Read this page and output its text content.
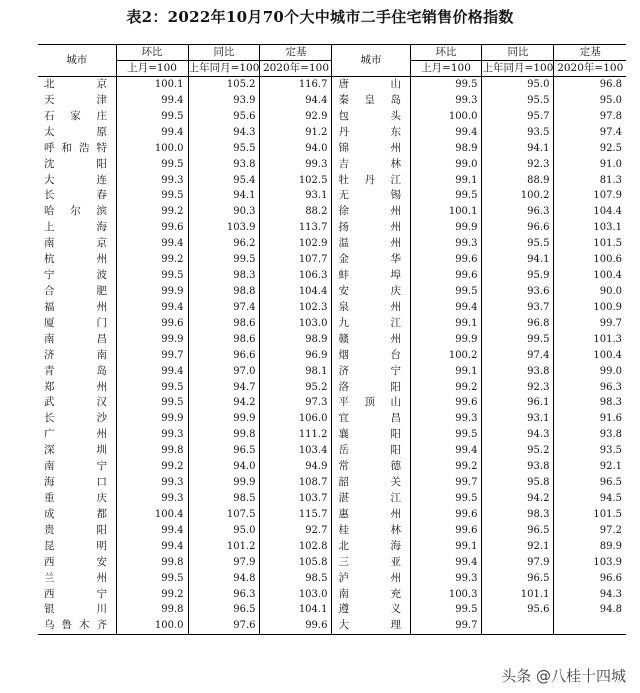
表2：2022年10月70个大中城市二手住宅销售价格指数
城市	环比	同比	定基	城市	环比	同比	定基
	上月=100	上年同月=100	2020年=100		上月=100	上年同月=100	2020年=100
北京	100.1	105.2	116.7	唐山	99.5	95.0	96.8
天津	99.4	93.9	94.4	秦皇岛	99.3	95.5	95.0
石家庄	99.5	95.6	92.9	包头	100.0	95.7	97.8
太原	99.4	94.3	91.2	丹东	99.4	93.5	97.4
呼和浩特	100.0	95.5	94.0	锦州	98.9	94.1	92.5
沈阳	99.5	93.8	99.3	吉林	99.0	92.3	91.0
大连	99.3	95.4	102.5	牡丹江	99.1	88.9	81.3
长春	99.5	94.1	93.1	无锡	99.5	100.2	107.9
哈尔滨	99.2	90.3	88.2	徐州	100.1	96.3	104.4
上海	99.6	103.9	113.7	扬州	99.9	96.6	103.1
南京	99.4	96.2	102.9	温州	99.3	95.5	101.5
杭州	99.2	99.5	107.7	金华	99.6	94.1	100.6
宁波	99.5	98.3	106.3	蚌埠	99.6	95.9	100.4
合肥	99.9	98.8	104.4	安庆	99.5	93.6	90.0
福州	99.4	97.4	102.3	泉州	99.4	93.7	100.9
厦门	99.6	98.6	103.0	九江	99.1	96.8	99.7
南昌	99.9	98.6	98.9	赣州	99.9	99.5	101.3
济南	99.7	96.6	96.9	烟台	100.2	97.4	100.4
青岛	99.4	97.0	98.1	济宁	99.1	93.8	99.0
郑州	99.5	94.7	95.2	洛阳	99.2	92.3	96.3
武汉	99.5	94.2	97.3	平顶山	99.6	96.1	98.3
长沙	99.9	99.9	106.0	宜昌	99.3	93.1	91.6
广州	99.3	99.8	111.2	襄阳	99.5	94.3	93.8
深圳	99.8	96.5	103.4	岳阳	99.4	95.2	93.5
南宁	99.2	94.0	94.9	常德	99.2	93.8	92.1
海口	99.3	99.9	108.7	韶关	99.7	95.8	96.5
重庆	99.3	98.5	103.7	湛江	99.5	94.2	94.5
成都	100.4	107.5	115.7	惠州	99.6	98.3	101.5
贵阳	99.4	95.0	92.7	桂林	99.6	96.5	97.2
昆明	99.4	101.2	102.8	北海	99.1	92.1	89.9
西安	99.8	97.9	105.8	三亚	99.4	97.9	103.9
兰州	99.5	94.8	98.5	泸州	99.3	96.5	96.6
西宁	99.2	96.3	103.0	南充	100.3	101.1	94.3
银川	99.8	96.5	104.1	遵义	99.5	95.6	94.8
乌鲁木齐	100.0	97.6	99.6	大理	99.7		
头条 @八桂十四城
